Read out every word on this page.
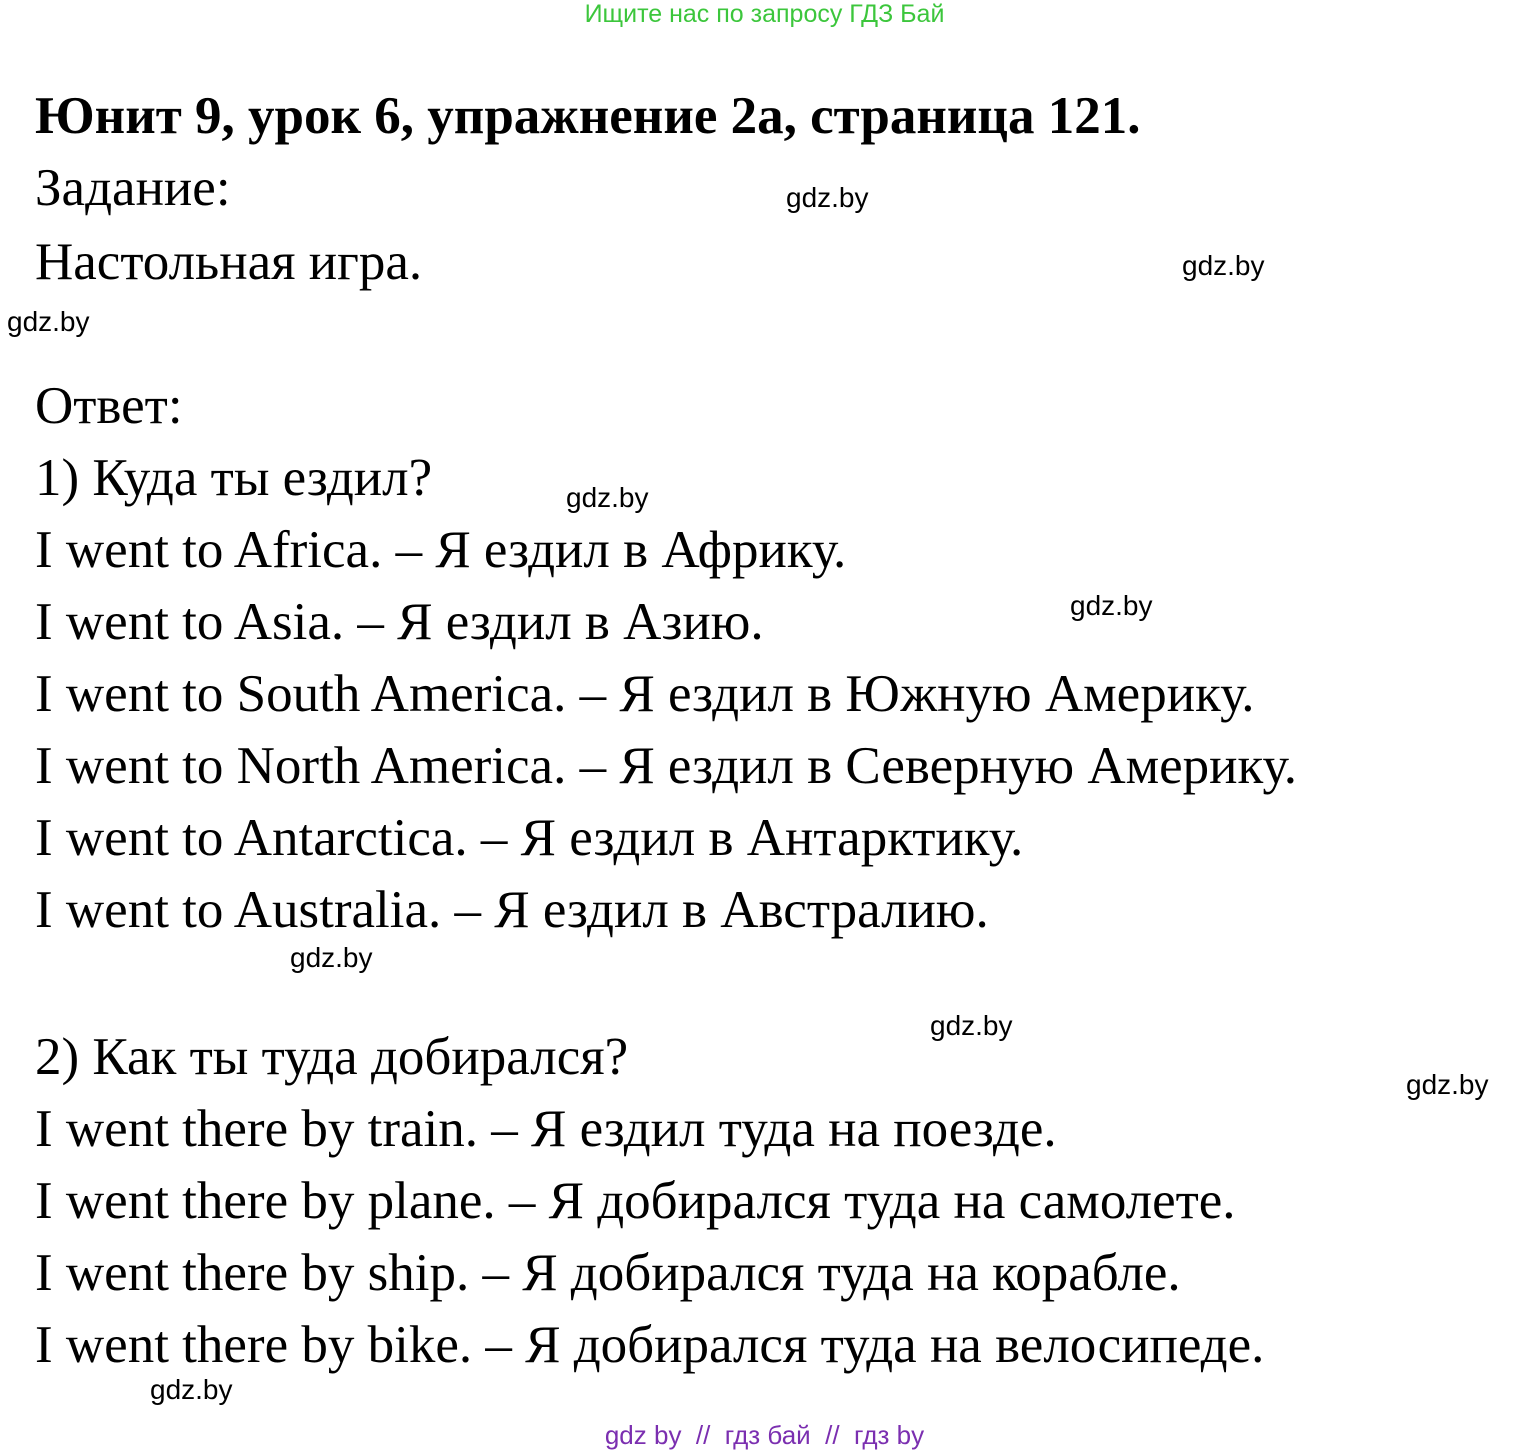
Ищите нас по запросу ГДЗ Бай
Юнит 9, урок 6, упражнение 2а, страница 121.
Задание:
Настольная игра.
Ответ:
1) Куда ты ездил?
I went to Africa. – Я ездил в Африку.
I went to Asia. – Я ездил в Азию.
I went to South America. – Я ездил в Южную Америку.
I went to North America. – Я ездил в Северную Америку.
I went to Antarctica. – Я ездил в Антарктику.
I went to Australia. – Я ездил в Австралию.
2) Как ты туда добирался?
I went there by train. – Я ездил туда на поезде.
I went there by plane. – Я добирался туда на самолете.
I went there by ship. – Я добирался туда на корабле.
I went there by bike. – Я добирался туда на велосипеде.
gdz.by
gdz.by
gdz.by
gdz.by
gdz.by
gdz.by
gdz.by
gdz.by
gdz.by
gdz by  //  гдз бай  //  гдз by
